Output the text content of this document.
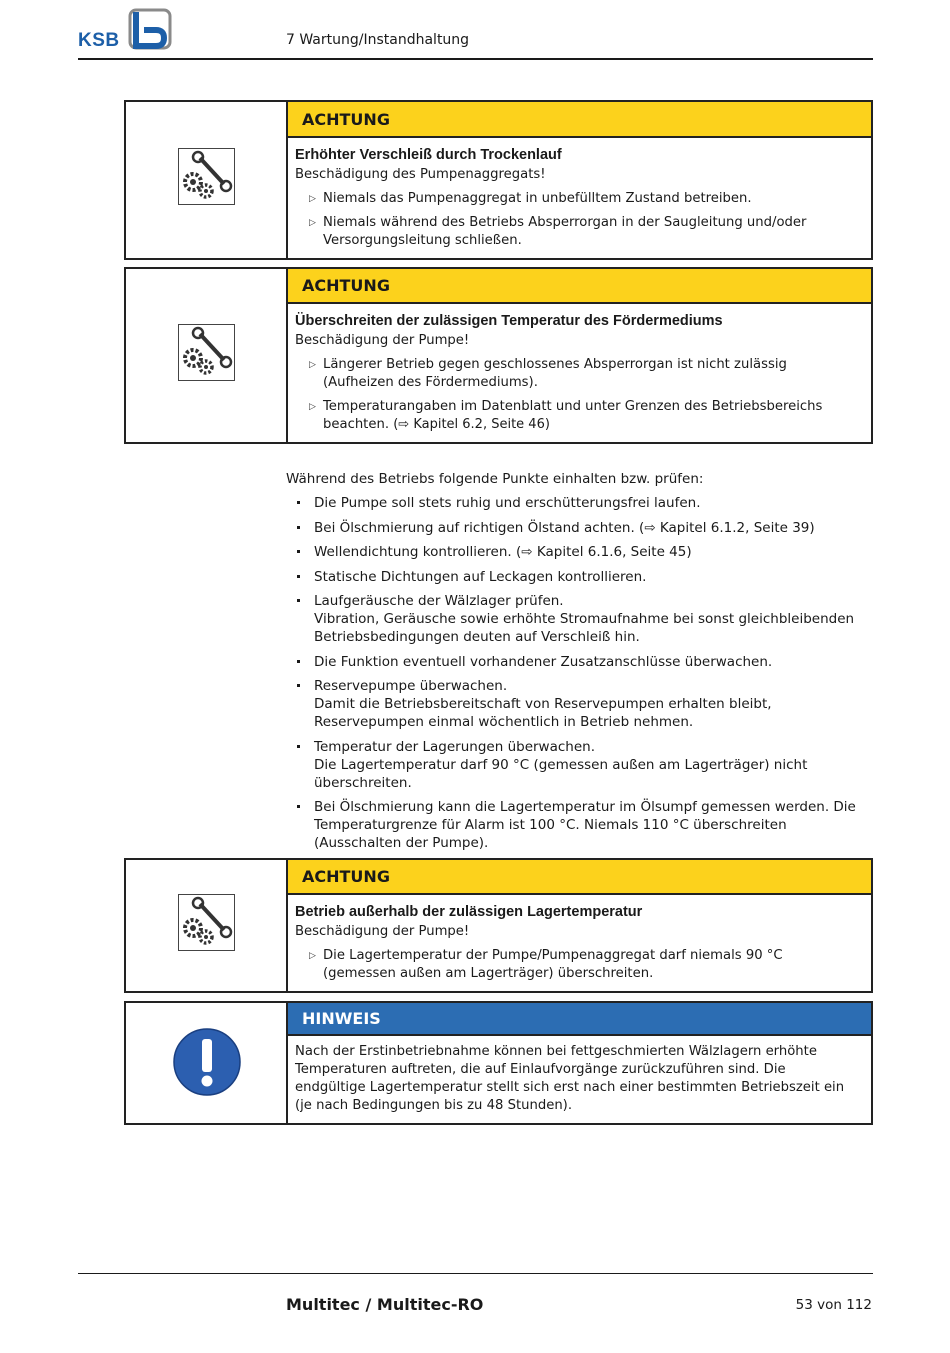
KSB	7 Wartung/Instandhaltung
ACHTUNG
Erhöhter Verschleiß durch Trockenlauf
Beschädigung des Pumpenaggregats!
▷ Niemals das Pumpenaggregat in unbefülltem Zustand betreiben.
▷ Niemals während des Betriebs Absperrorgan in der Saugleitung und/oder Versorgungsleitung schließen.
ACHTUNG
Überschreiten der zulässigen Temperatur des Fördermediums
Beschädigung der Pumpe!
▷ Längerer Betrieb gegen geschlossenes Absperrorgan ist nicht zulässig (Aufheizen des Fördermediums).
▷ Temperaturangaben im Datenblatt und unter Grenzen des Betriebsbereichs beachten. (⇨ Kapitel 6.2, Seite 46)
Während des Betriebs folgende Punkte einhalten bzw. prüfen:
Die Pumpe soll stets ruhig und erschütterungsfrei laufen.
Bei Ölschmierung auf richtigen Ölstand achten. (⇨ Kapitel 6.1.2, Seite 39)
Wellendichtung kontrollieren. (⇨ Kapitel 6.1.6, Seite 45)
Statische Dichtungen auf Leckagen kontrollieren.
Laufgeräusche der Wälzlager prüfen.
Vibration, Geräusche sowie erhöhte Stromaufnahme bei sonst gleichbleibenden Betriebsbedingungen deuten auf Verschleiß hin.
Die Funktion eventuell vorhandener Zusatzanschlüsse überwachen.
Reservepumpe überwachen.
Damit die Betriebsbereitschaft von Reservepumpen erhalten bleibt, Reservepumpen einmal wöchentlich in Betrieb nehmen.
Temperatur der Lagerungen überwachen.
Die Lagertemperatur darf 90 °C (gemessen außen am Lagerträger) nicht überschreiten.
Bei Ölschmierung kann die Lagertemperatur im Ölsumpf gemessen werden. Die Temperaturgrenze für Alarm ist 100 °C. Niemals 110 °C überschreiten (Ausschalten der Pumpe).
ACHTUNG
Betrieb außerhalb der zulässigen Lagertemperatur
Beschädigung der Pumpe!
▷ Die Lagertemperatur der Pumpe/Pumpenaggregat darf niemals 90 °C (gemessen außen am Lagerträger) überschreiten.
HINWEIS
Nach der Erstinbetriebnahme können bei fettgeschmierten Wälzlagern erhöhte Temperaturen auftreten, die auf Einlaufvorgänge zurückzuführen sind. Die endgültige Lagertemperatur stellt sich erst nach einer bestimmten Betriebszeit ein (je nach Bedingungen bis zu 48 Stunden).
Multitec / Multitec-RO	53 von 112
